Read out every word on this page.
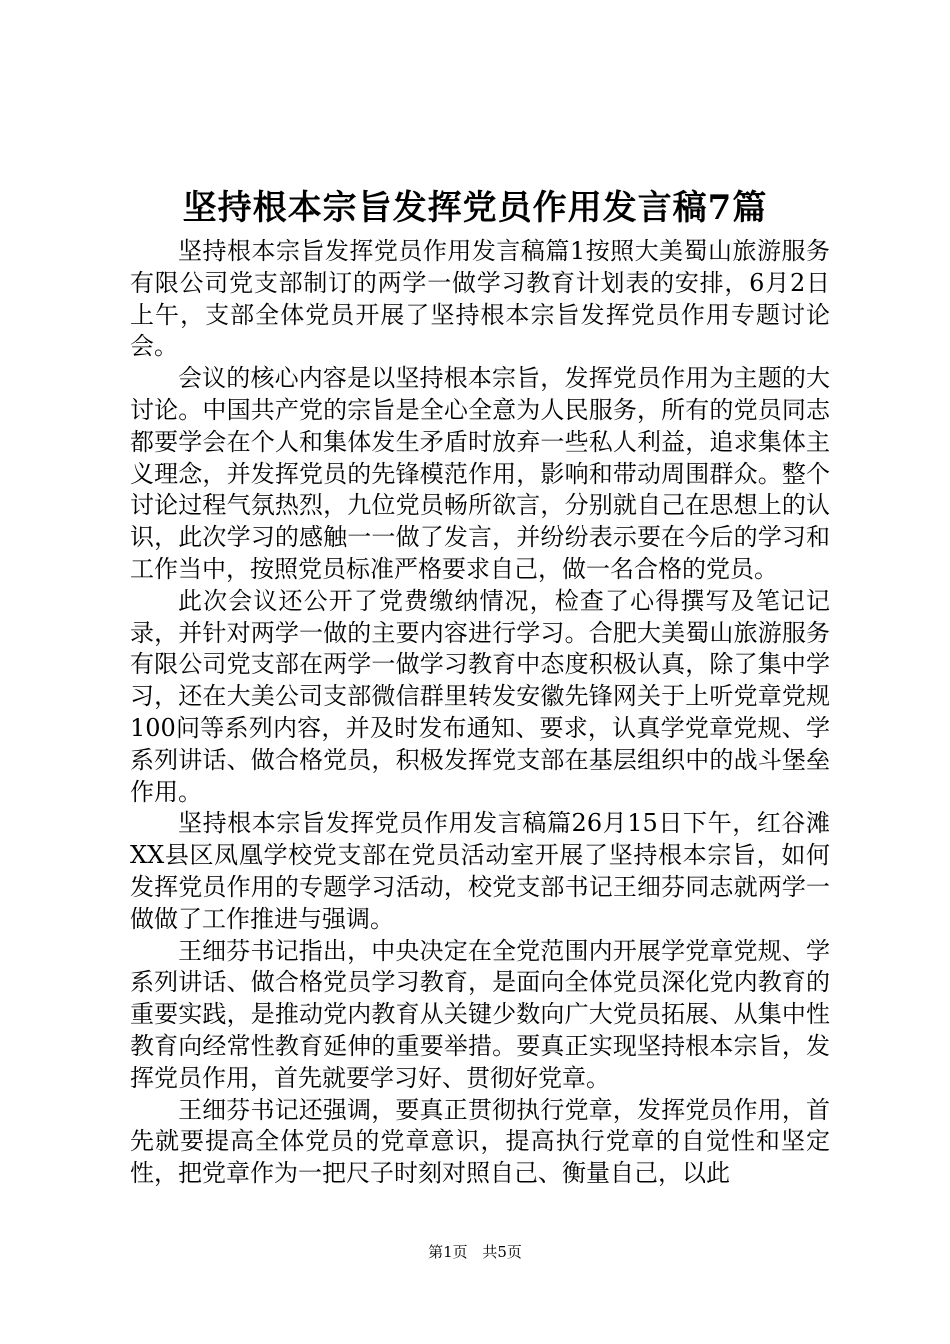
坚持根本宗旨发挥党员作用发言稿7篇

坚持根本宗旨发挥党员作用发言稿篇1按照大美蜀山旅游服务有限公司党支部制订的两学一做学习教育计划表的安排，6月2日上午，支部全体党员开展了坚持根本宗旨发挥党员作用专题讨论会。

会议的核心内容是以坚持根本宗旨，发挥党员作用为主题的大讨论。中国共产党的宗旨是全心全意为人民服务，所有的党员同志都要学会在个人和集体发生矛盾时放弃一些私人利益，追求集体主义理念，并发挥党员的先锋模范作用，影响和带动周围群众。整个讨论过程气氛热烈，九位党员畅所欲言，分别就自己在思想上的认识，此次学习的感触一一做了发言，并纷纷表示要在今后的学习和工作当中，按照党员标准严格要求自己，做一名合格的党员。

此次会议还公开了党费缴纳情况，检查了心得撰写及笔记记录，并针对两学一做的主要内容进行学习。合肥大美蜀山旅游服务有限公司党支部在两学一做学习教育中态度积极认真，除了集中学习，还在大美公司支部微信群里转发安徽先锋网关于上听党章党规100问等系列内容，并及时发布通知、要求，认真学党章党规、学系列讲话、做合格党员，积极发挥党支部在基层组织中的战斗堡垒作用。

坚持根本宗旨发挥党员作用发言稿篇26月15日下午，红谷滩XX县区凤凰学校党支部在党员活动室开展了坚持根本宗旨，如何发挥党员作用的专题学习活动，校党支部书记王细芬同志就两学一做做了工作推进与强调。

王细芬书记指出，中央决定在全党范围内开展学党章党规、学系列讲话、做合格党员学习教育，是面向全体党员深化党内教育的重要实践，是推动党内教育从关键少数向广大党员拓展、从集中性教育向经常性教育延伸的重要举措。要真正实现坚持根本宗旨，发挥党员作用，首先就要学习好、贯彻好党章。

王细芬书记还强调，要真正贯彻执行党章，发挥党员作用，首先就要提高全体党员的党章意识，提高执行党章的自觉性和坚定性，把党章作为一把尺子时刻对照自己、衡量自己，以此

第1页 共5页
